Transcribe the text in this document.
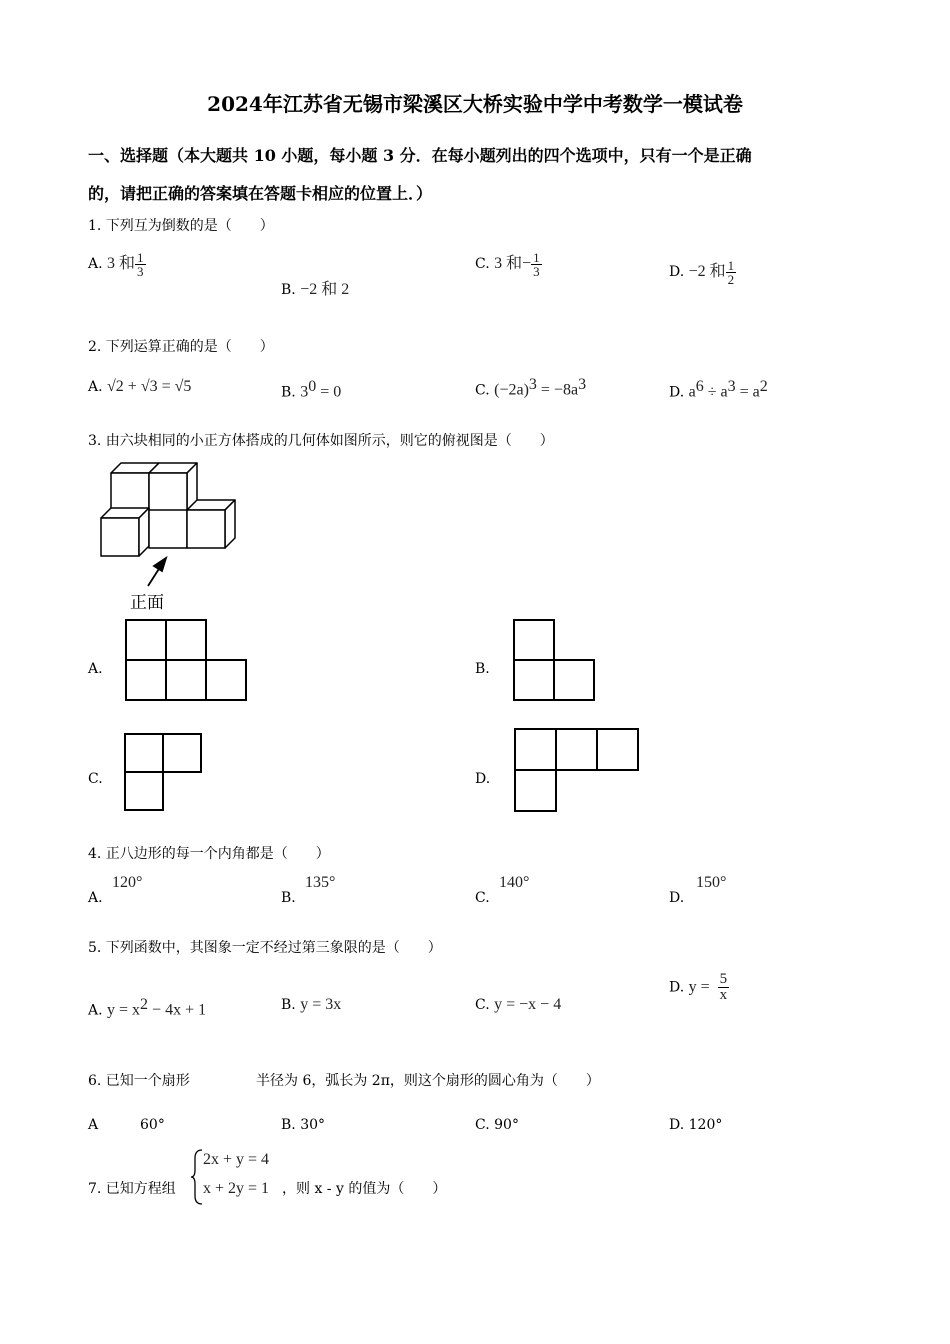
2024年江苏省无锡市梁溪区大桥实验中学中考数学一模试卷
一、选择题（本大题共 10 小题，每小题 3 分．在每小题列出的四个选项中，只有一个是正确
的，请把正确的答案填在答题卡相应的位置上．）
1. 下列互为倒数的是（　　）
A. 3 和 $\frac{1}{3}$
B. −2 和 2
C. 3 和− $\frac{1}{3}$	D. −2 和 $\frac{1}{2}$
2. 下列运算正确的是（　　）
A. √2 + √3 = √5	B. $3^0 = 0$	C. $(-2a)^3 = -8a^3$	D. $a^6 \div a^3 = a^2$
3. 由六块相同的小正方体搭成的几何体如图所示，则它的俯视图是（　　）
正面
A.	B.
C.	D.
4. 正八边形的每一个内角都是（　　）
A.
120°
B.
135°
C.
140°
D.
150°
5. 下列函数中，其图象一定不经过第三象限的是（　　）
A. $y = x^2 - 4x + 1$	B. y = 3x	C. y = −x − 4
D. $y = \frac{5}{x}$
6. 已知一个扇形	半径为 6，弧长为 2π，则这个扇形的圆心角为（　　）
A	60°	B. 30°	C. 90°	D. 120°
7. 已知方程组
2x + y = 4
x + 2y = 1 ，则 x - y 的值为（　　）
